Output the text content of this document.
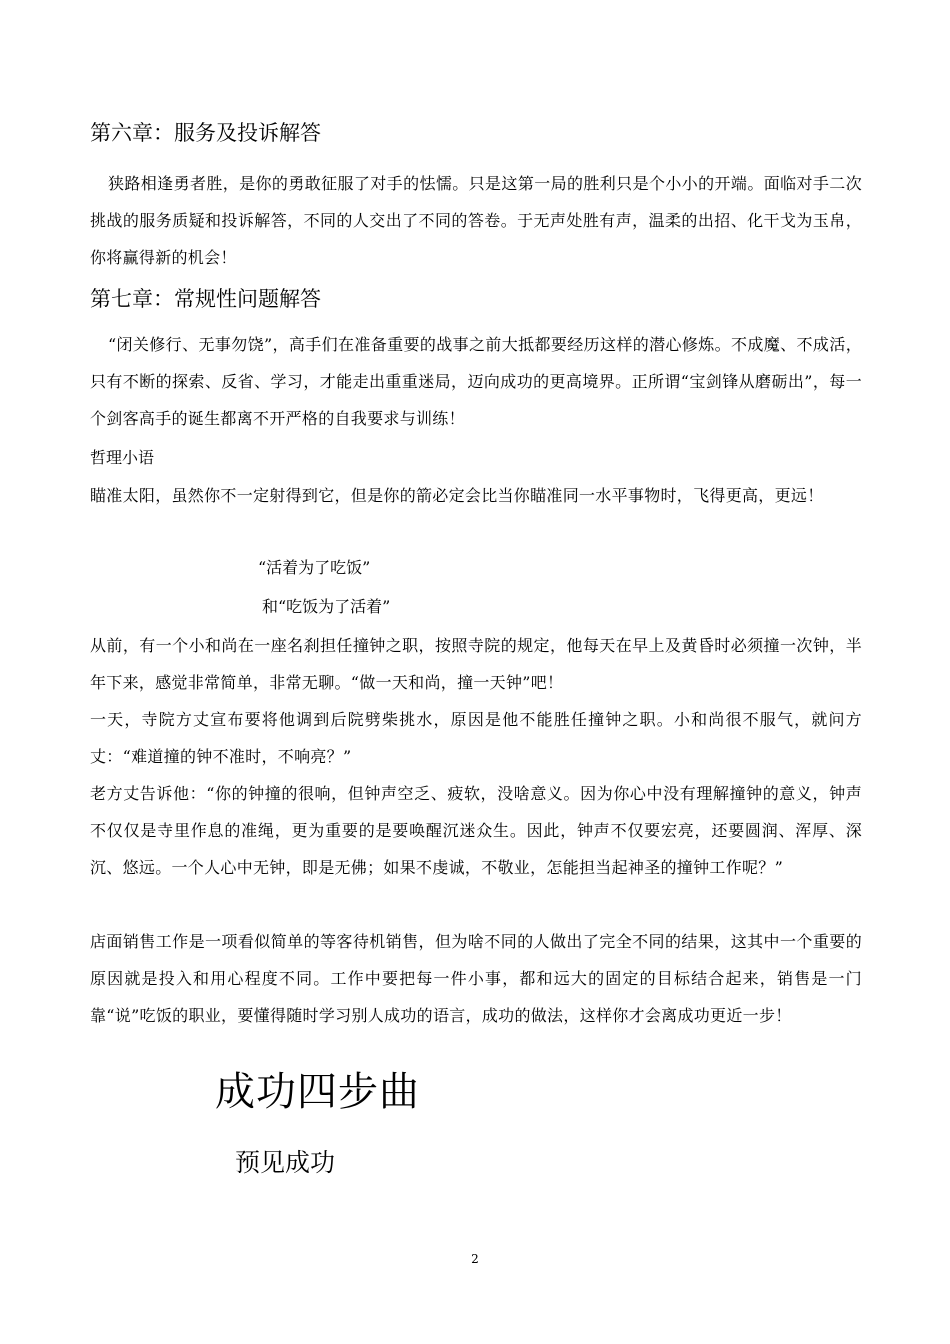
第六章：服务及投诉解答
狭路相逢勇者胜，是你的勇敢征服了对手的怯懦。只是这第一局的胜利只是个小小的开端。面临对手二次挑战的服务质疑和投诉解答，不同的人交出了不同的答卷。于无声处胜有声，温柔的出招、化干戈为玉帛，你将赢得新的机会！
第七章：常规性问题解答
“闭关修行、无事勿饶”，高手们在准备重要的战事之前大抵都要经历这样的潜心修炼。不成魔、不成活，只有不断的探索、反省、学习，才能走出重重迷局，迈向成功的更高境界。正所谓“宝剑锋从磨砺出”，每一个剑客高手的诞生都离不开严格的自我要求与训练！
哲理小语
瞄准太阳，虽然你不一定射得到它，但是你的箭必定会比当你瞄准同一水平事物时，飞得更高，更远！
“活着为了吃饭”
和“吃饭为了活着”
从前，有一个小和尚在一座名刹担任撞钟之职，按照寺院的规定，他每天在早上及黄昏时必须撞一次钟，半年下来，感觉非常简单，非常无聊。“做一天和尚，撞一天钟”吧！
一天，寺院方丈宣布要将他调到后院劈柴挑水，原因是他不能胜任撞钟之职。小和尚很不服气，就问方丈：“难道撞的钟不准时，不响亮？”
老方丈告诉他：“你的钟撞的很响，但钟声空乏、疲软，没啥意义。因为你心中没有理解撞钟的意义，钟声不仅仅是寺里作息的准绳，更为重要的是要唤醒沉迷众生。因此，钟声不仅要宏亮，还要圆润、浑厚、深沉、悠远。一个人心中无钟，即是无佛；如果不虔诚，不敬业，怎能担当起神圣的撞钟工作呢？”
店面销售工作是一项看似简单的等客待机销售，但为啥不同的人做出了完全不同的结果，这其中一个重要的原因就是投入和用心程度不同。工作中要把每一件小事，都和远大的固定的目标结合起来，销售是一门靠“说”吃饭的职业，要懂得随时学习别人成功的语言，成功的做法，这样你才会离成功更近一步！
成功四步曲
预见成功
2
